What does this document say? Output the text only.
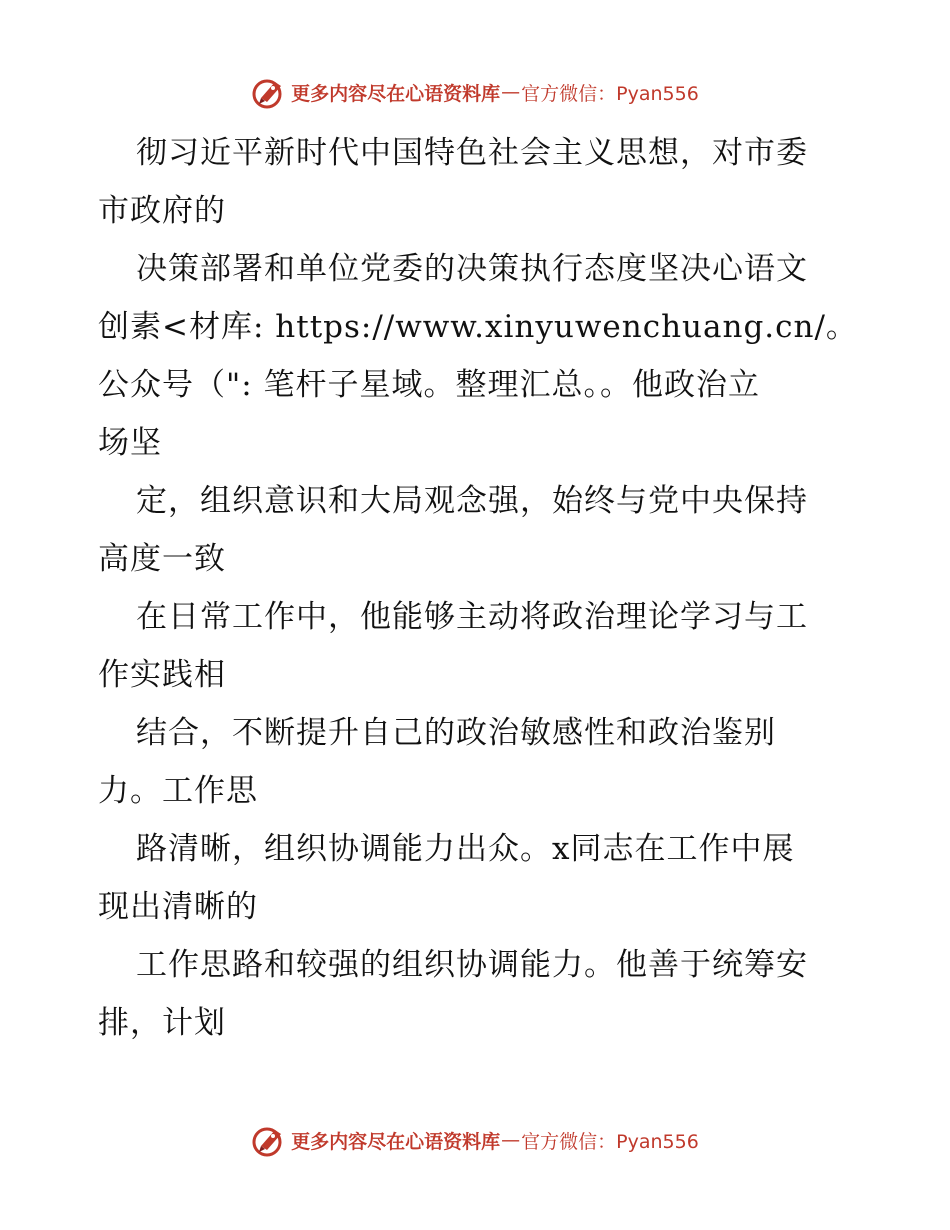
更多内容尽在心语资料库 — 官方微信：Pyan556
彻习近平新时代中国特色社会主义思想，对市委
市政府的
决策部署和单位党委的决策执行态度坚决心语文
创素<材库: https://www.xinyuwenchuang.cn/。
公众号（": 笔杆子星域。整理汇总。。他政治立
场坚
定，组织意识和大局观念强，始终与党中央保持
高度一致
在日常工作中，他能够主动将政治理论学习与工
作实践相
结合，不断提升自己的政治敏感性和政治鉴别
力。工作思
路清晰，组织协调能力出众。x同志在工作中展
现出清晰的
工作思路和较强的组织协调能力。他善于统筹安
排，计划
更多内容尽在心语资料库 — 官方微信：Pyan556
